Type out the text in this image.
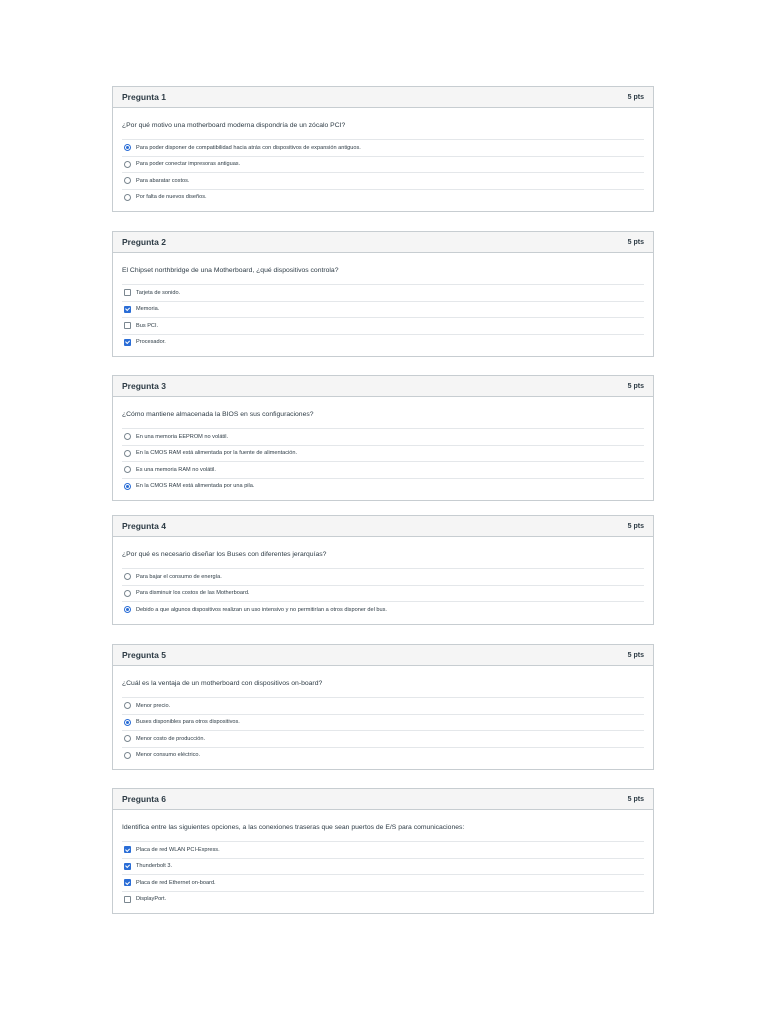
Pregunta 1	5 pts

¿Por qué motivo una motherboard moderna dispondría de un zócalo PCI?

Para poder disponer de compatibilidad hacia atrás con dispositivos de expansión antiguos.
Para poder conectar impresoras antiguas.
Para abaratar costos.
Por falta de nuevos diseños.
Pregunta 2	5 pts

El Chipset northbridge de una Motherboard, ¿qué dispositivos controla?

Tarjeta de sonido.
Memoria.
Bus PCI.
Procesador.
Pregunta 3	5 pts

¿Cómo mantiene almacenada la BIOS en sus configuraciones?

En una memoria EEPROM no volátil.
En la CMOS RAM está alimentada por la fuente de alimentación.
Es una memoria RAM no volátil.
En la CMOS RAM está alimentada por una pila.
Pregunta 4	5 pts

¿Por qué es necesario diseñar los Buses con diferentes jerarquías?

Para bajar el consumo de energía.
Para disminuir los costos de las Motherboard.
Debido a que algunos dispositivos realizan un uso intensivo y no permitirían a otros disponer del bus.
Pregunta 5	5 pts

¿Cuál es la ventaja de un motherboard con dispositivos on-board?

Menor precio.
Buses disponibles para otros dispositivos.
Menor costo de producción.
Menor consumo eléctrico.
Pregunta 6	5 pts

Identifica entre las siguientes opciones, a las conexiones traseras que sean puertos de E/S para comunicaciones:

Placa de red WLAN PCI-Express.
Thunderbolt 3.
Placa de red Ethernet on-board.
DisplayPort.
